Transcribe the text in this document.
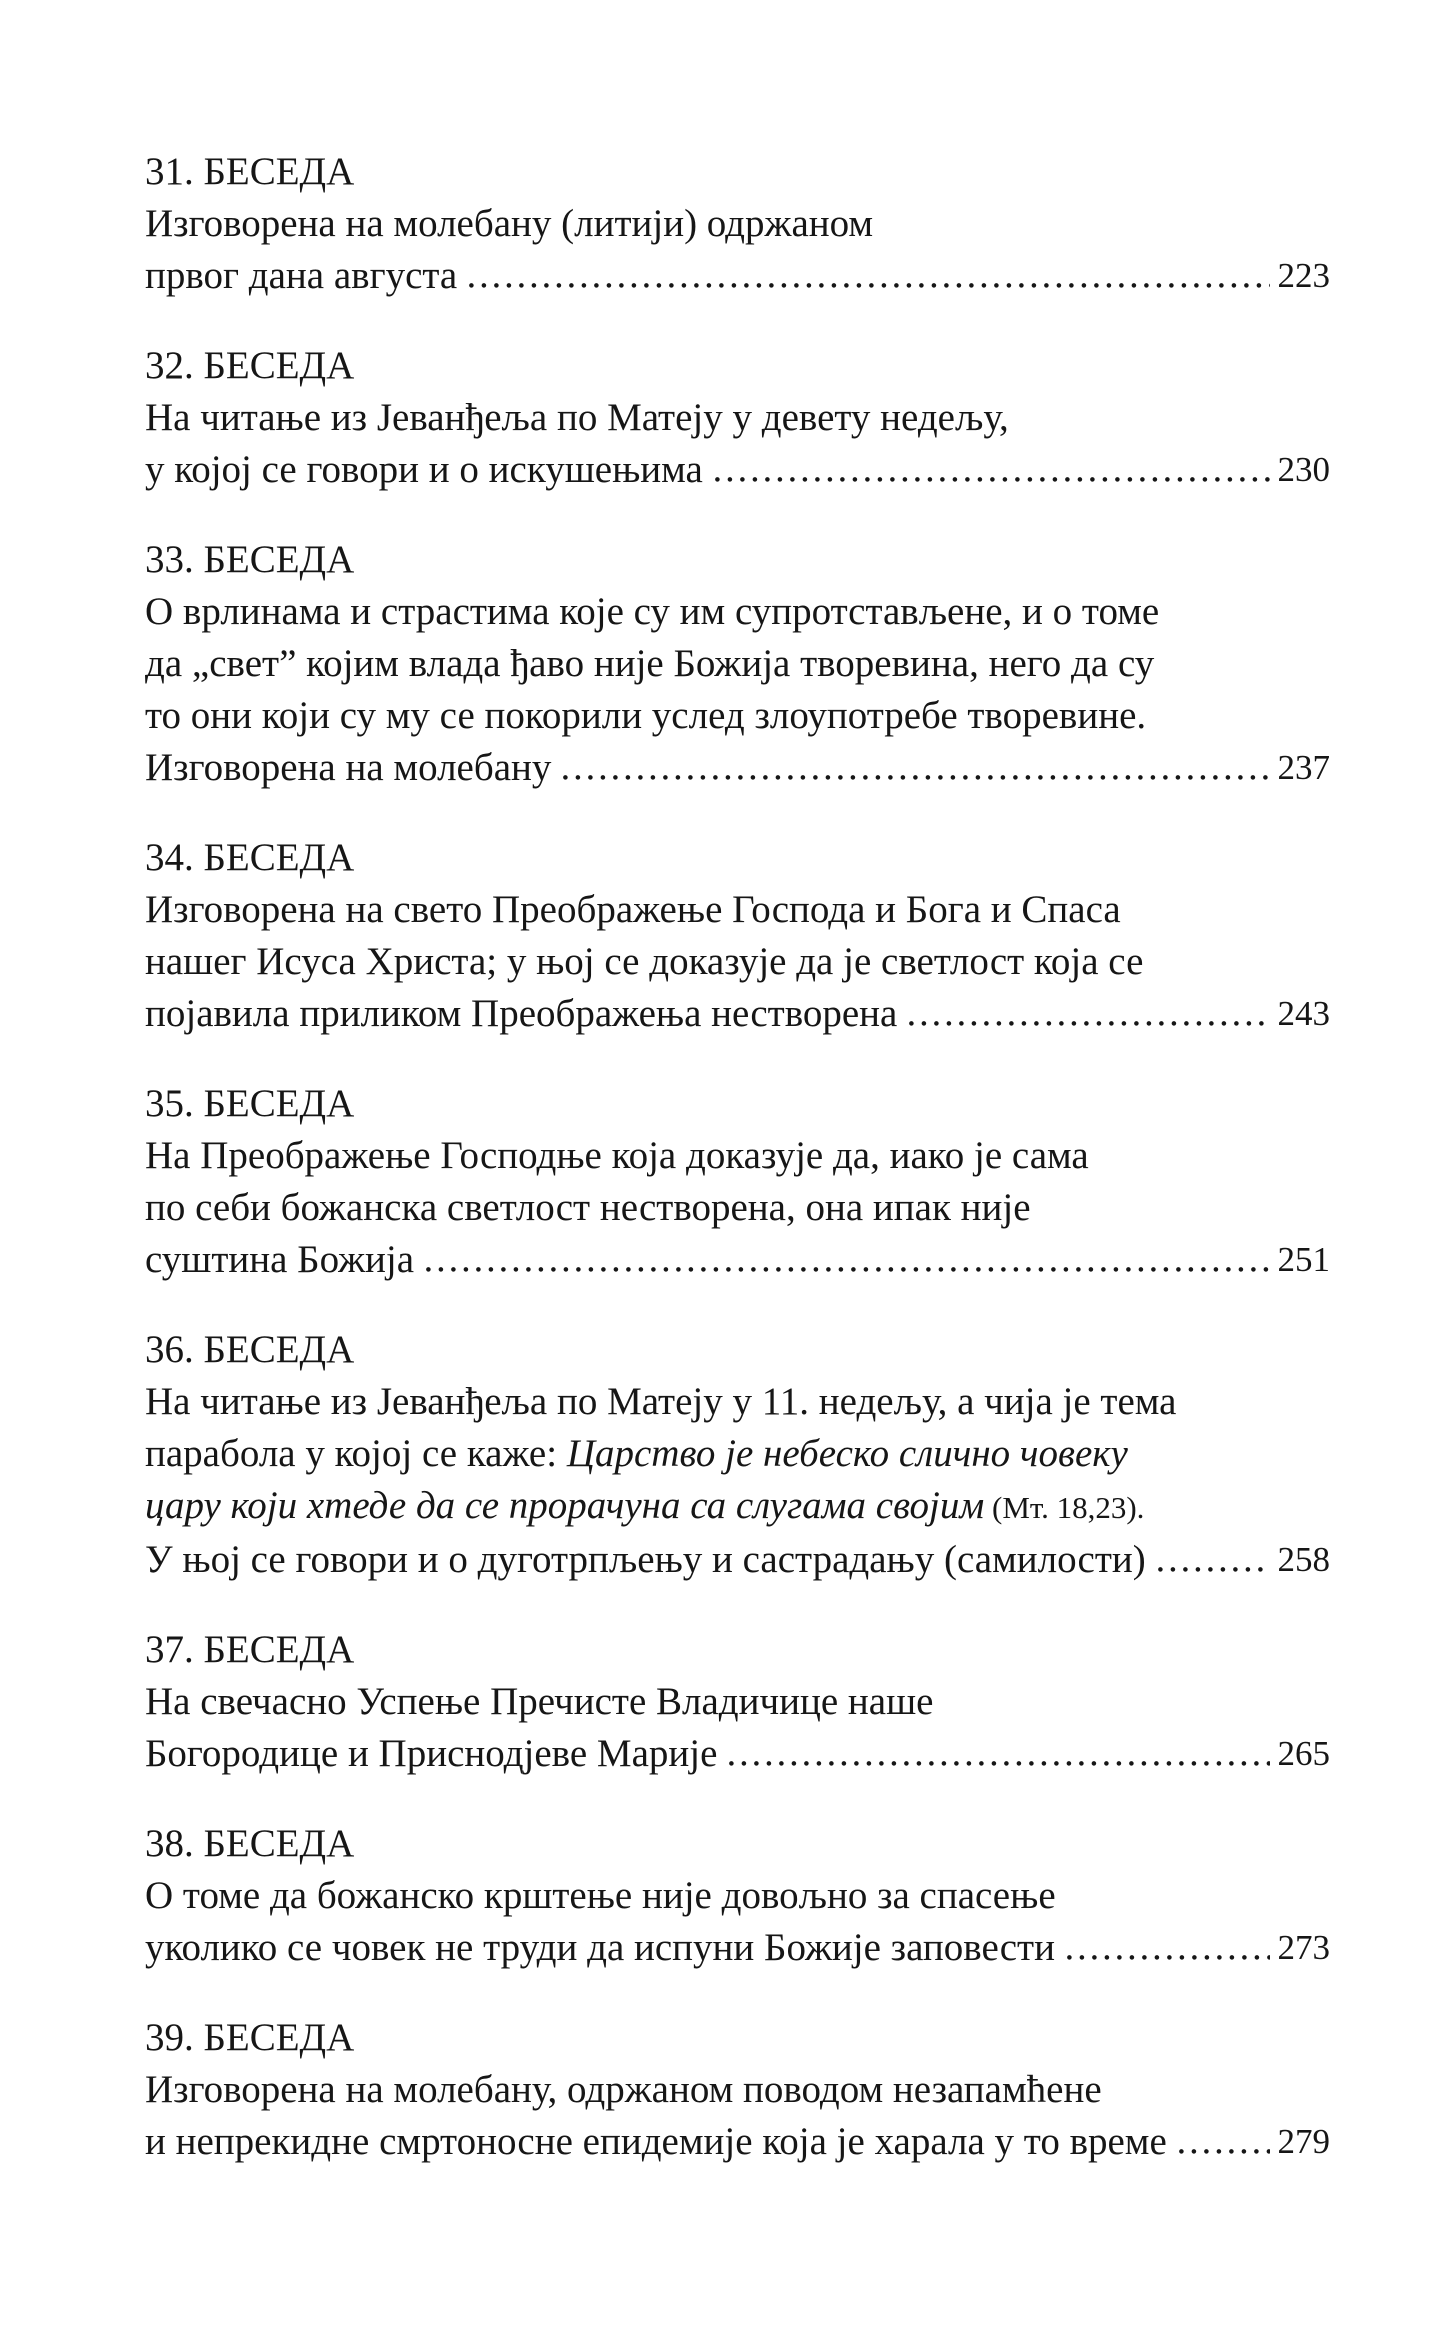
31. БЕСЕДА
Изговорена на молебану (литији) одржаном
првог дана августа	223
32. БЕСЕДА
На читање из Јеванђеља по Матеју у девету недељу,
у којој се говори и о искушењима	230
33. БЕСЕДА
О врлинама и страстима које су им супротстављене, и о томе
да „свет” којим влада ђаво није Божија творевина, него да су
то они који су му се покорили услед злоупотребе творевине.
Изговорена на молебану	237
34. БЕСЕДА
Изговорена на свето Преображење Господа и Бога и Спаса
нашег Исуса Христа; у њој се доказује да је светлост која се
појавила приликом Преображења нестворена	243
35. БЕСЕДА
На Преображење Господње која доказује да, иако је сама
по себи божанска светлост нестворена, она ипак није
суштина Божија	251
36. БЕСЕДА
На читање из Јеванђеља по Матеју у 11. недељу, а чија је тема
парабола у којој се каже: Царство је небеско слично човеку
цару који хтеде да се прорачуна са слугама својим (Мт. 18,23).
У њој се говори и о дуготрпљењу и састрадању (самилости)	258
37. БЕСЕДА
На свечасно Успење Пречисте Владичице наше
Богородице и Приснодјеве Марије	265
38. БЕСЕДА
О томе да божанско крштење није довољно за спасење
уколико се човек не труди да испуни Божије заповести	273
39. БЕСЕДА
Изговорена на молебану, одржаном поводом незапамћене
и непрекидне смртоносне епидемије која је харала у то време	279
